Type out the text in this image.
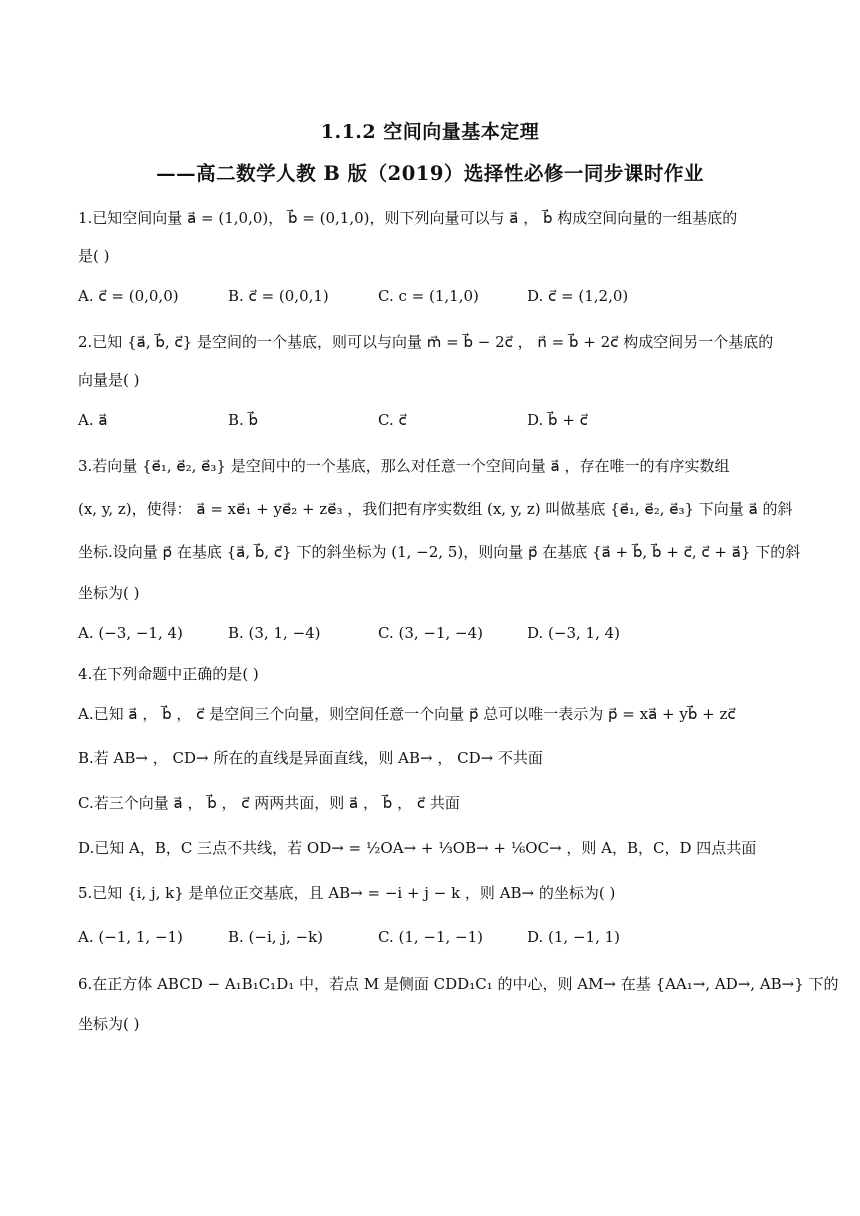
1.1.2 空间向量基本定理
——高二数学人教 B 版（2019）选择性必修一同步课时作业
1.已知空间向量 a⃗ = (1,0,0)， b⃗ = (0,1,0)，则下列向量可以与 a⃗ ， b⃗ 构成空间向量的一组基底的
是( )
A. c⃗ = (0,0,0)	B. c⃗ = (0,0,1)	C. c = (1,1,0)	D. c⃗ = (1,2,0)
2.已知 {a⃗, b⃗, c⃗} 是空间的一个基底，则可以与向量 m⃗ = b⃗ − 2c⃗ ， n⃗ = b⃗ + 2c⃗ 构成空间另一个基底的
向量是( )
A. a⃗	B. b⃗	C. c⃗	D. b⃗ + c⃗
3.若向量 {e⃗₁, e⃗₂, e⃗₃} 是空间中的一个基底，那么对任意一个空间向量 a⃗ ，存在唯一的有序实数组
(x, y, z)，使得： a⃗ = xe⃗₁ + ye⃗₂ + ze⃗₃ ，我们把有序实数组 (x, y, z) 叫做基底 {e⃗₁, e⃗₂, e⃗₃} 下向量 a⃗ 的斜
坐标.设向量 p⃗ 在基底 {a⃗, b⃗, c⃗} 下的斜坐标为 (1, −2, 5)，则向量 p⃗ 在基底 {a⃗ + b⃗, b⃗ + c⃗, c⃗ + a⃗} 下的斜
坐标为( )
A. (−3, −1, 4)	B. (3, 1, −4)	C. (3, −1, −4)	D. (−3, 1, 4)
4.在下列命题中正确的是( )
A.已知 a⃗ ， b⃗ ， c⃗ 是空间三个向量，则空间任意一个向量 p⃗ 总可以唯一表示为 p⃗ = xa⃗ + yb⃗ + zc⃗
B.若 AB→ ， CD→ 所在的直线是异面直线，则 AB→ ， CD→ 不共面
C.若三个向量 a⃗ ， b⃗ ， c⃗ 两两共面，则 a⃗ ， b⃗ ， c⃗ 共面
D.已知 A，B，C 三点不共线，若 OD→ = ½OA→ + ⅓OB→ + ⅙OC→ ，则 A，B，C，D 四点共面
5.已知 {i, j, k} 是单位正交基底，且 AB→ = −i + j − k ，则 AB→ 的坐标为( )
A. (−1, 1, −1)	B. (−i, j, −k)	C. (1, −1, −1)	D. (1, −1, 1)
6.在正方体 ABCD − A₁B₁C₁D₁ 中，若点 M 是侧面 CDD₁C₁ 的中心，则 AM→ 在基 {AA₁→, AD→, AB→} 下的
坐标为( )
